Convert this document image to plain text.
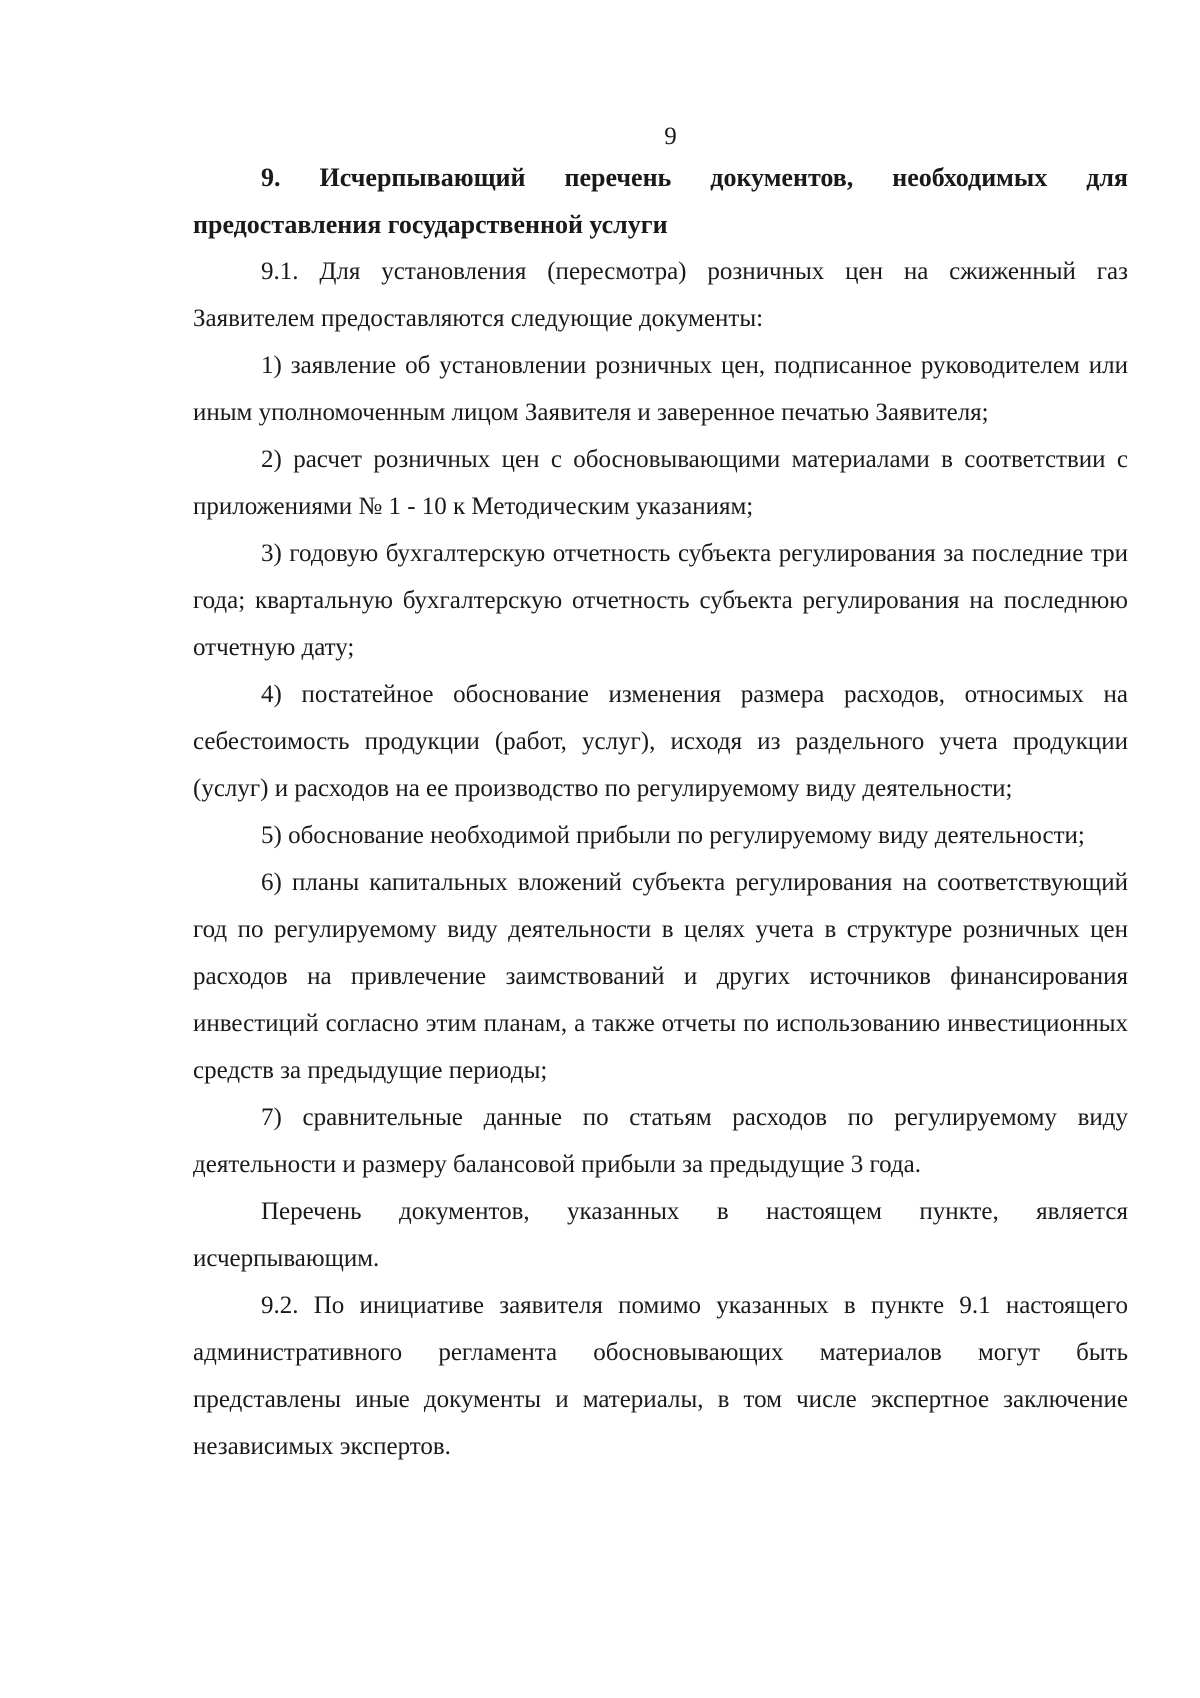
9

9. Исчерпывающий перечень документов, необходимых для предоставления государственной услуги

9.1. Для установления (пересмотра) розничных цен на сжиженный газ Заявителем предоставляются следующие документы:

1) заявление об установлении розничных цен, подписанное руководителем или иным уполномоченным лицом Заявителя и заверенное печатью Заявителя;

2) расчет розничных цен с обосновывающими материалами в соответствии с приложениями № 1 - 10 к Методическим указаниям;

3) годовую бухгалтерскую отчетность субъекта регулирования за последние три года; квартальную бухгалтерскую отчетность субъекта регулирования на последнюю отчетную дату;

4) постатейное обоснование изменения размера расходов, относимых на себестоимость продукции (работ, услуг), исходя из раздельного учета продукции (услуг) и расходов на ее производство по регулируемому виду деятельности;

5) обоснование необходимой прибыли по регулируемому виду деятельности;

6) планы капитальных вложений субъекта регулирования на соответствующий год по регулируемому виду деятельности в целях учета в структуре розничных цен расходов на привлечение заимствований и других источников финансирования инвестиций согласно этим планам, а также отчеты по использованию инвестиционных средств за предыдущие периоды;

7) сравнительные данные по статьям расходов по регулируемому виду деятельности и размеру балансовой прибыли за предыдущие 3 года.

Перечень документов, указанных в настоящем пункте, является исчерпывающим.

9.2. По инициативе заявителя помимо указанных в пункте 9.1 настоящего административного регламента обосновывающих материалов могут быть представлены иные документы и материалы, в том числе экспертное заключение независимых экспертов.
